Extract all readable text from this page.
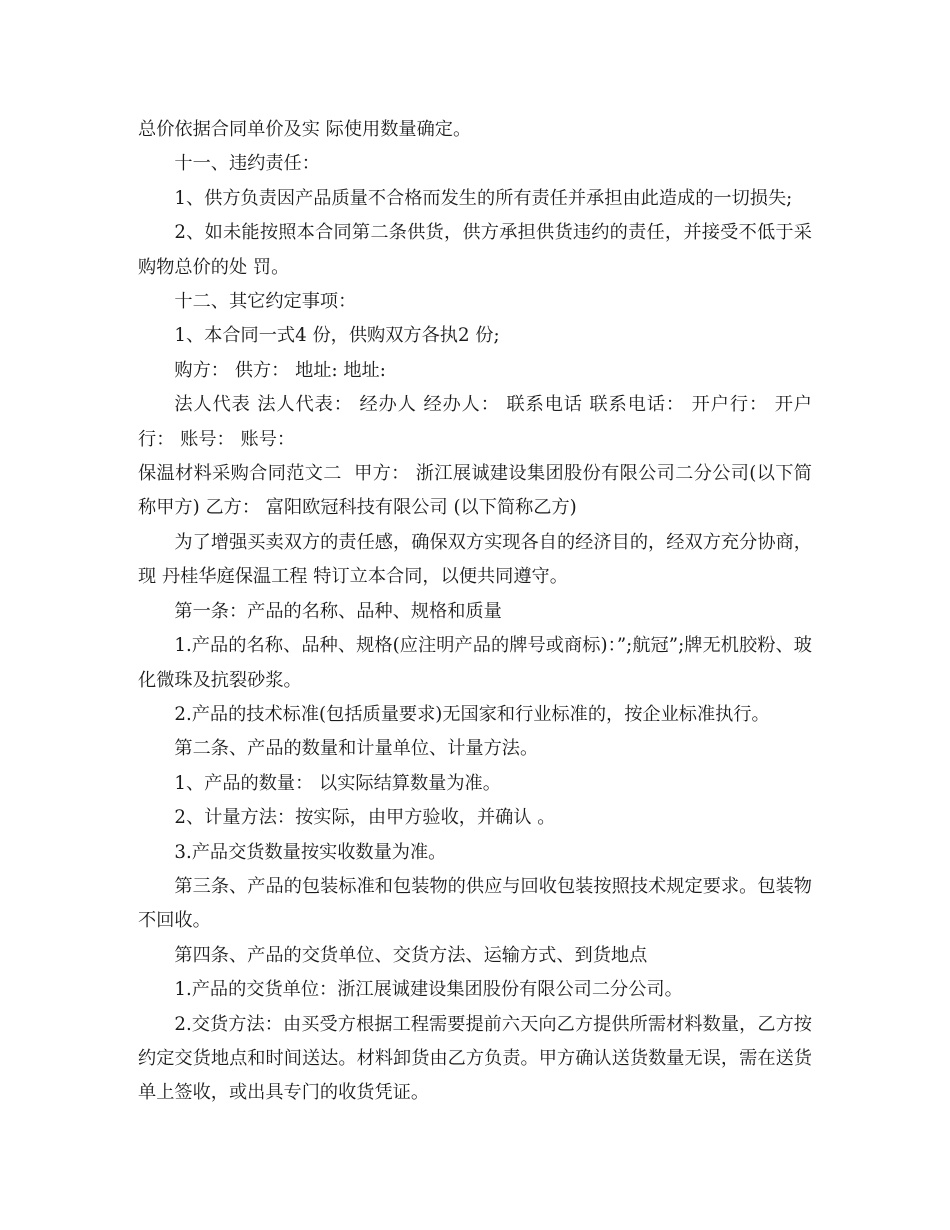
总价依据合同单价及实 际使用数量确定。

十一、违约责任：

1、供方负责因产品质量不合格而发生的所有责任并承担由此造成的一切损失;

2、如未能按照本合同第二条供货，供方承担供货违约的责任，并接受不低于采购物总价的处 罚。

十二、其它约定事项：

1、本合同一式4 份，供购双方各执2 份;

购方： 供方： 地址: 地址:

法人代表 法人代表： 经办人 经办人： 联系电话 联系电话： 开户行： 开户行： 账号： 账号：

保温材料采购合同范文二  甲方： 浙江展诚建设集团股份有限公司二分公司(以下简称甲方) 乙方： 富阳欧冠科技有限公司 (以下简称乙方)

为了增强买卖双方的责任感，确保双方实现各自的经济目的，经双方充分协商，现 丹桂华庭保温工程 特订立本合同，以便共同遵守。

第一条：产品的名称、品种、规格和质量

1.产品的名称、品种、规格(应注明产品的牌号或商标)：”;航冠”;牌无机胶粉、玻化微珠及抗裂砂浆。

2.产品的技术标准(包括质量要求)无国家和行业标准的，按企业标准执行。

第二条、产品的数量和计量单位、计量方法。

1、产品的数量： 以实际结算数量为准。

2、计量方法：按实际，由甲方验收，并确认 。

3.产品交货数量按实收数量为准。

第三条、产品的包装标准和包装物的供应与回收包装按照技术规定要求。包装物不回收。

第四条、产品的交货单位、交货方法、运输方式、到货地点

1.产品的交货单位：浙江展诚建设集团股份有限公司二分公司。

2.交货方法：由买受方根据工程需要提前六天向乙方提供所需材料数量，乙方按约定交货地点和时间送达。材料卸货由乙方负责。甲方确认送货数量无误，需在送货单上签收，或出具专门的收货凭证。
